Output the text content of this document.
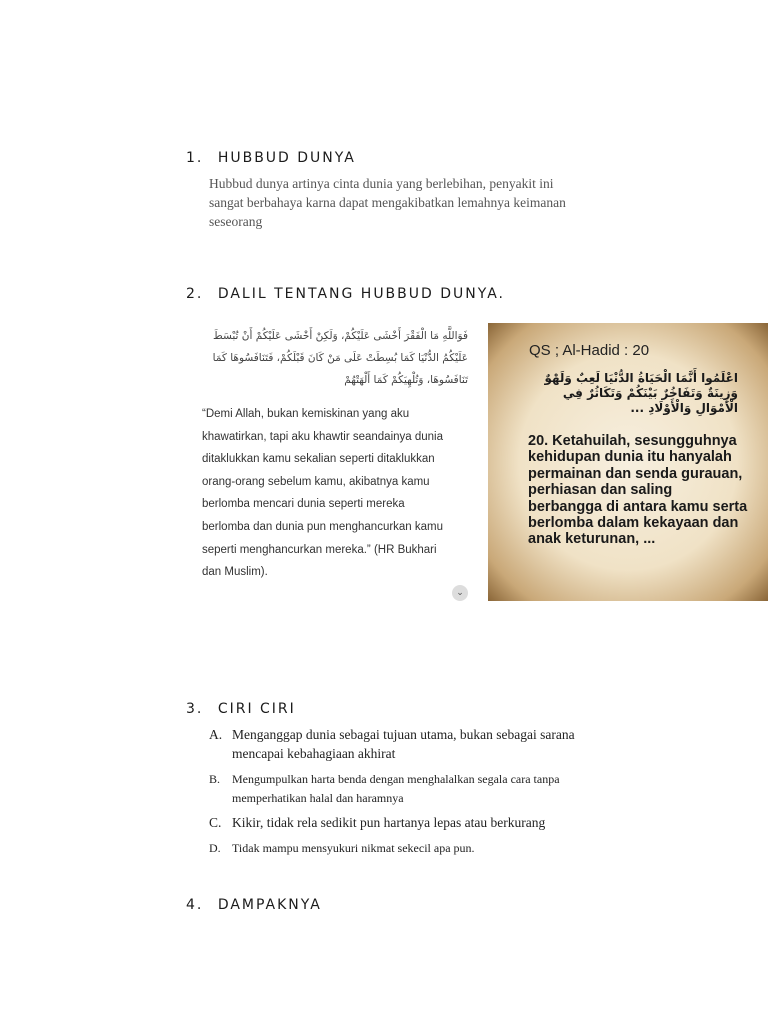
1. HUBBUD DUNYA
Hubbud dunya artinya cinta dunia yang berlebihan, penyakit ini sangat berbahaya karna dapat mengakibatkan lemahnya keimanan seseorang
2. DALIL TENTANG HUBBUD DUNYA.
فَوَاللَّهِ مَا الْفَقْرَ أَخْشَى عَلَيْكُمْ، وَلَكِنْ أَخْشَى عَلَيْكُمْ أَنْ تُبْسَطَ عَلَيْكُمُ الدُّنْيَا كَمَا بُسِطَتْ عَلَى مَنْ كَانَ قَبْلَكُمْ، فَتَنَافَسُوهَا كَمَا تَنَافَسُوهَا، وَتُلْهِيَكُمْ كَمَا أَلْهَتْهُمْ
“Demi Allah, bukan kemiskinan yang aku khawatirkan, tapi aku khawtir seandainya dunia ditaklukkan kamu sekalian seperti ditaklukkan orang-orang sebelum kamu, akibatnya kamu berlomba mencari dunia seperti mereka berlomba dan dunia pun menghancurkan kamu seperti menghancurkan mereka.” (HR Bukhari dan Muslim).
⌄
QS ; Al-Hadid : 20
اعْلَمُوا أَنَّمَا الْحَيَاةُ الدُّنْيَا لَعِبٌ وَلَهْوٌ وَزِينَةٌ وَتَفَاخُرٌ بَيْنَكُمْ وَتَكَاثُرٌ فِي الْأَمْوَالِ وَالْأَوْلَادِ ...
20. Ketahuilah, sesungguhnya kehidupan dunia itu hanyalah permainan dan senda gurauan, perhiasan dan saling berbangga di antara kamu serta berlomba dalam kekayaan dan anak keturunan, ...
3. CIRI CIRI
A. Menganggap dunia sebagai tujuan utama, bukan sebagai sarana mencapai kebahagiaan akhirat
B. Mengumpulkan harta benda dengan menghalalkan segala cara tanpa memperhatikan halal dan haramnya
C. Kikir, tidak rela sedikit pun hartanya lepas atau berkurang
D. Tidak mampu mensyukuri nikmat sekecil apa pun.
4. DAMPAKNYA
